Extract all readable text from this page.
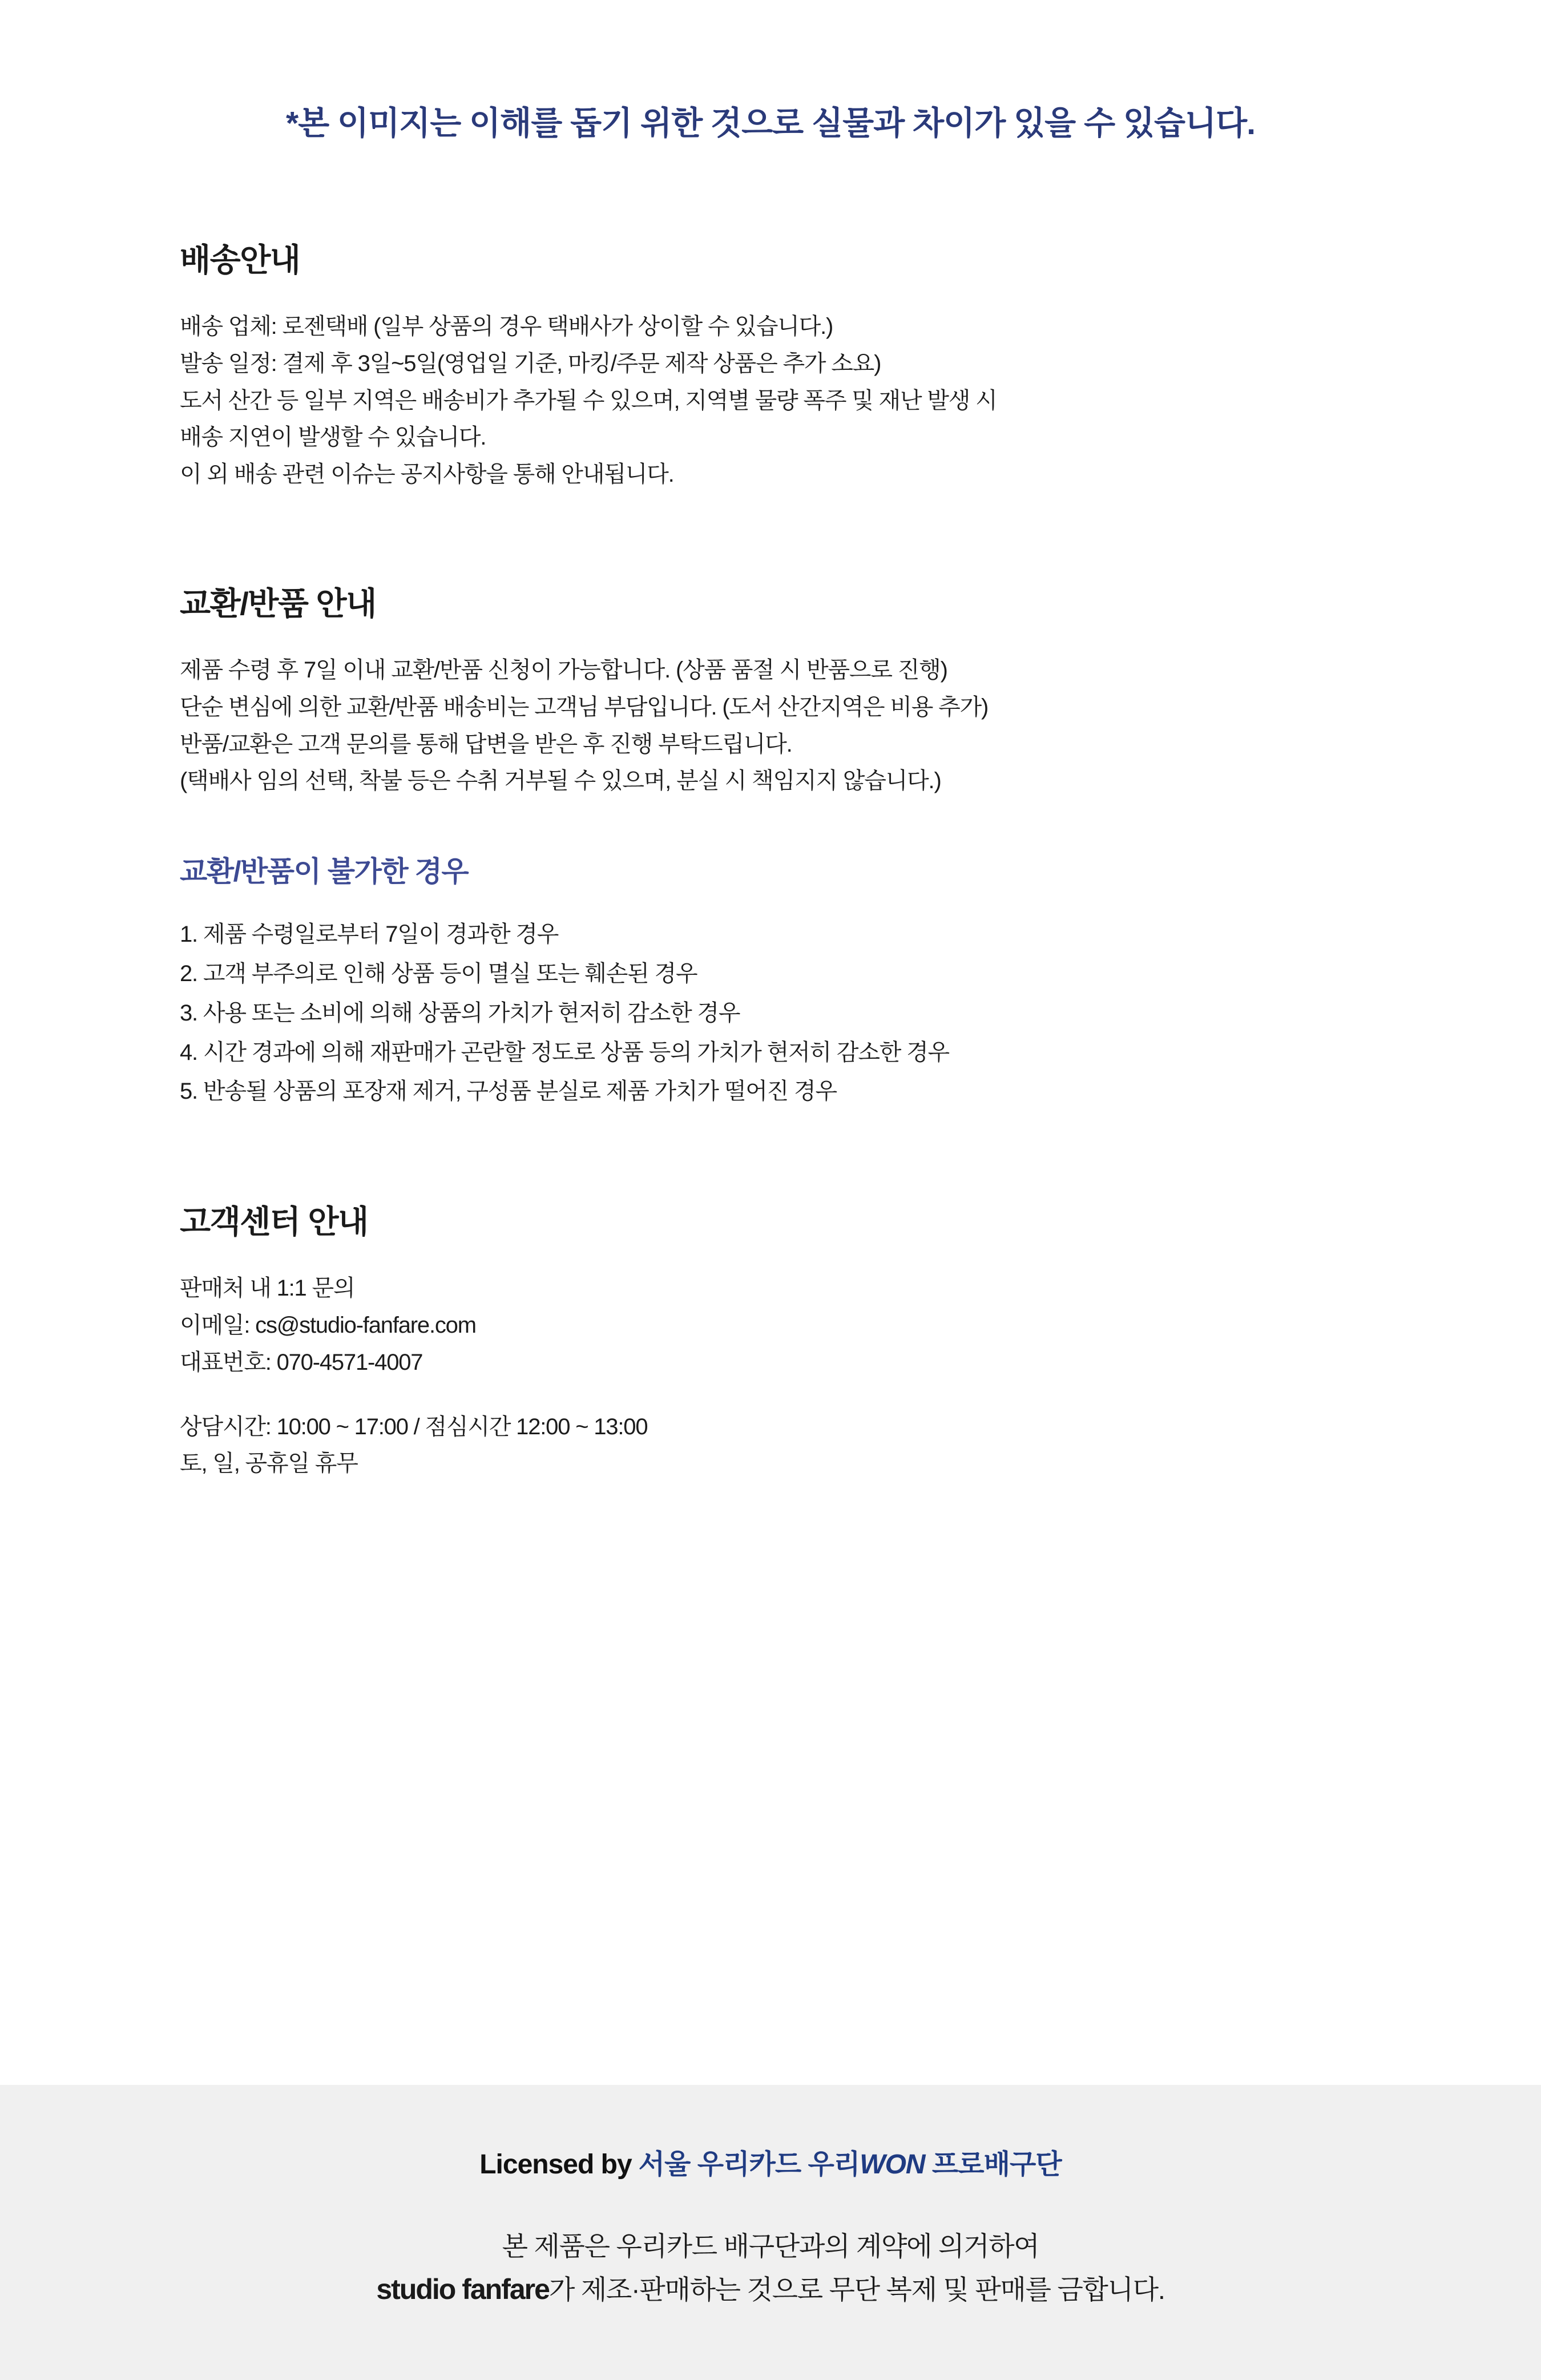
*본 이미지는 이해를 돕기 위한 것으로 실물과 차이가 있을 수 있습니다.
배송안내
배송 업체: 로젠택배 (일부 상품의 경우 택배사가 상이할 수 있습니다.)
발송 일정: 결제 후 3일~5일(영업일 기준, 마킹/주문 제작 상품은 추가 소요)
도서 산간 등 일부 지역은 배송비가 추가될 수 있으며, 지역별 물량 폭주 및 재난 발생 시
배송 지연이 발생할 수 있습니다.
이 외 배송 관련 이슈는 공지사항을 통해 안내됩니다.
교환/반품 안내
제품 수령 후 7일 이내 교환/반품 신청이 가능합니다. (상품 품절 시 반품으로 진행)
단순 변심에 의한 교환/반품 배송비는 고객님 부담입니다. (도서 산간지역은 비용 추가)
반품/교환은 고객 문의를 통해 답변을 받은 후 진행 부탁드립니다.
(택배사 임의 선택, 착불 등은 수취 거부될 수 있으며, 분실 시 책임지지 않습니다.)
교환/반품이 불가한 경우
1. 제품 수령일로부터 7일이 경과한 경우
2. 고객 부주의로 인해 상품 등이 멸실 또는 훼손된 경우
3. 사용 또는 소비에 의해 상품의 가치가 현저히 감소한 경우
4. 시간 경과에 의해 재판매가 곤란할 정도로 상품 등의 가치가 현저히 감소한 경우
5. 반송될 상품의 포장재 제거, 구성품 분실로 제품 가치가 떨어진 경우
고객센터 안내
판매처 내 1:1 문의
이메일: cs@studio-fanfare.com
대표번호: 070-4571-4007
상담시간: 10:00 ~ 17:00 / 점심시간 12:00 ~ 13:00
토, 일, 공휴일 휴무
Licensed by 서울 우리카드 우리WON 프로배구단
본 제품은 우리카드 배구단과의 계약에 의거하여
studio fanfare가 제조·판매하는 것으로 무단 복제 및 판매를 금합니다.
